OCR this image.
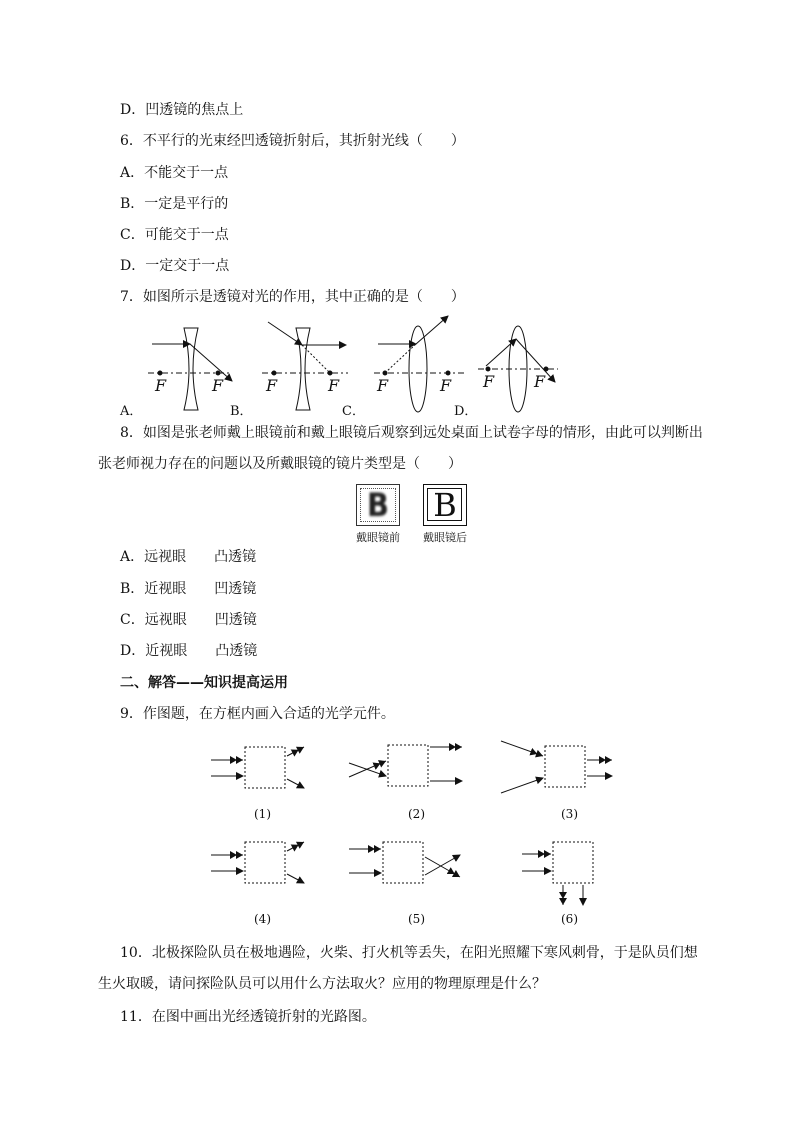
D．凹透镜的焦点上
6．不平行的光束经凹透镜折射后，其折射光线（　　）
A．不能交于一点
B．一定是平行的
C．可能交于一点
D．一定交于一点
7．如图所示是透镜对光的作用，其中正确的是（　　）
A．	B．	C．	D．
F	F	F	F F	F F F

8．如图是张老师戴上眼镜前和戴上眼镜后观察到远处桌面上试卷字母的情形，由此可以判断出张老师视力存在的问题以及所戴眼镜的镜片类型是（　　）

B B
戴眼镜前 戴眼镜后
A．远视眼　　凸透镜
B．近视眼　　凹透镜
C．远视眼　　凹透镜
D．近视眼　　凸透镜
二、解答——知识提高运用
9．作图题，在方框内画入合适的光学元件。
(1)	(2)	(3)
(4)	(5)	(6)

10．北极探险队员在极地遇险，火柴、打火机等丢失，在阳光照耀下寒风刺骨，于是队员们想生火取暖，请问探险队员可以用什么方法取火？应用的物理原理是什么？

11．在图中画出光经透镜折射的光路图。
